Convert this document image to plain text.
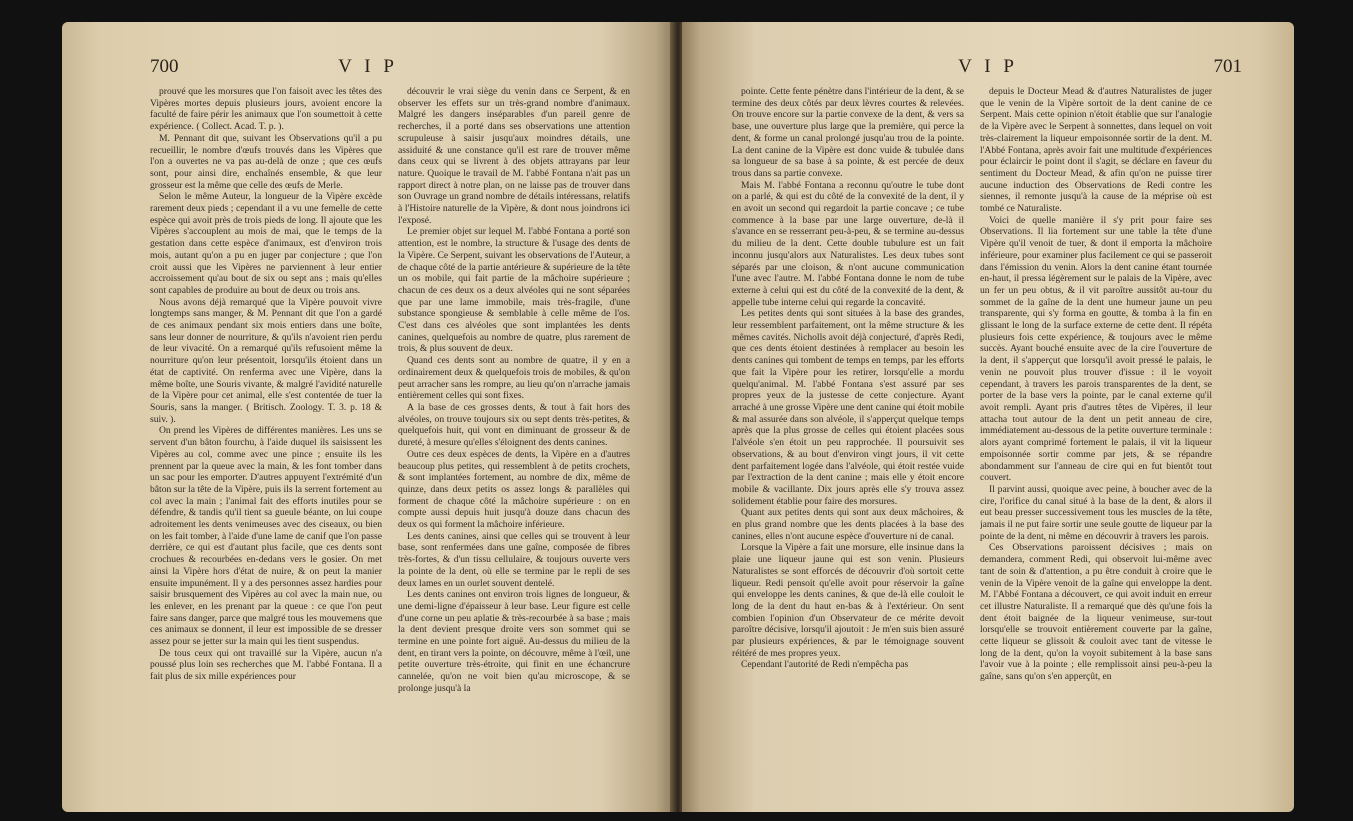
700	V I P

prouvé que les morsures que l'on faisoit avec les têtes des Vipères mortes depuis plusieurs jours, avoient encore la faculté de faire périr les animaux que l'on soumettoit à cette expérience. ( Collect. Acad. T. p. ).

M. Pennant dit que, suivant les Observations qu'il a pu recueillir, le nombre d'œufs trouvés dans les Vipères que l'on a ouvertes ne va pas au-delà de onze ; que ces œufs sont, pour ainsi dire, enchaînés ensemble, & que leur grosseur est la même que celle des œufs de Merle.

Selon le même Auteur, la longueur de la Vipère excède rarement deux pieds ; cependant il a vu une femelle de cette espèce qui avoit près de trois pieds de long. Il ajoute que les Vipères s'accouplent au mois de mai, que le temps de la gestation dans cette espèce d'animaux, est d'environ trois mois, autant qu'on a pu en juger par conjecture ; que l'on croit aussi que les Vipères ne parviennent à leur entier accroissement qu'au bout de six ou sept ans ; mais qu'elles sont capables de produire au bout de deux ou trois ans.

Nous avons déjà remarqué que la Vipère pouvoit vivre longtemps sans manger, & M. Pennant dit que l'on a gardé de ces animaux pendant six mois entiers dans une boîte, sans leur donner de nourriture, & qu'ils n'avoient rien perdu de leur vivacité. On a remarqué qu'ils refusoient même la nourriture qu'on leur présentoit, lorsqu'ils étoient dans un état de captivité. On renferma avec une Vipère, dans la même boîte, une Souris vivante, & malgré l'avidité naturelle de la Vipère pour cet animal, elle s'est contentée de tuer la Souris, sans la manger. ( Britisch. Zoology. T. 3. p. 18 & suiv. ).

On prend les Vipères de différentes manières. Les uns se servent d'un bâton fourchu, à l'aide duquel ils saisissent les Vipères au col, comme avec une pince ; ensuite ils les prennent par la queue avec la main, & les font tomber dans un sac pour les emporter. D'autres appuyent l'extrémité d'un bâton sur la tête de la Vipère, puis ils la serrent fortement au col avec la main ; l'animal fait des efforts inutiles pour se défendre, & tandis qu'il tient sa gueule béante, on lui coupe adroitement les dents venimeuses avec des ciseaux, ou bien on les fait tomber, à l'aide d'une lame de canif que l'on passe derrière, ce qui est d'autant plus facile, que ces dents sont crochues & recourbées en-dedans vers le gosier. On met ainsi la Vipère hors d'état de nuire, & on peut la manier ensuite impunément. Il y a des personnes assez hardies pour saisir brusquement des Vipères au col avec la main nue, ou les enlever, en les prenant par la queue : ce que l'on peut faire sans danger, parce que malgré tous les mouvemens que ces animaux se donnent, il leur est impossible de se dresser assez pour se jetter sur la main qui les tient suspendus.

De tous ceux qui ont travaillé sur la Vipère, aucun n'a poussé plus loin ses recherches que M. l'abbé Fontana. Il a fait plus de six mille expériences pour

découvrir le vrai siège du venin dans ce Serpent, & en observer les effets sur un très-grand nombre d'animaux. Malgré les dangers inséparables d'un pareil genre de recherches, il a porté dans ses observations une attention scrupuleuse à saisir jusqu'aux moindres détails, une assiduité & une constance qu'il est rare de trouver même dans ceux qui se livrent à des objets attrayans par leur nature. Quoique le travail de M. l'abbé Fontana n'ait pas un rapport direct à notre plan, on ne laisse pas de trouver dans son Ouvrage un grand nombre de détails intéressans, relatifs à l'Histoire naturelle de la Vipère, & dont nous joindrons ici l'exposé.

Le premier objet sur lequel M. l'abbé Fontana a porté son attention, est le nombre, la structure & l'usage des dents de la Vipère. Ce Serpent, suivant les observations de l'Auteur, a de chaque côté de la partie antérieure & supérieure de la tête un os mobile, qui fait partie de la mâchoire supérieure ; chacun de ces deux os a deux alvéoles qui ne sont séparées que par une lame immobile, mais très-fragile, d'une substance spongieuse & semblable à celle même de l'os. C'est dans ces alvéoles que sont implantées les dents canines, quelquefois au nombre de quatre, plus rarement de trois, & plus souvent de deux.

Quand ces dents sont au nombre de quatre, il y en a ordinairement deux & quelquefois trois de mobiles, & qu'on peut arracher sans les rompre, au lieu qu'on n'arrache jamais entièrement celles qui sont fixes.

A la base de ces grosses dents, & tout à fait hors des alvéoles, on trouve toujours six ou sept dents très-petites, & quelquefois huit, qui vont en diminuant de grosseur & de dureté, à mesure qu'elles s'éloignent des dents canines.

Outre ces deux espèces de dents, la Vipère en a d'autres beaucoup plus petites, qui ressemblent à de petits crochets, & sont implantées fortement, au nombre de dix, même de quinze, dans deux petits os assez longs & parallèles qui forment de chaque côté la mâchoire supérieure : on en compte aussi depuis huit jusqu'à douze dans chacun des deux os qui forment la mâchoire inférieure.

Les dents canines, ainsi que celles qui se trouvent à leur base, sont renfermées dans une gaîne, composée de fibres très-fortes, & d'un tissu cellulaire, & toujours ouverte vers la pointe de la dent, où elle se termine par le repli de ses deux lames en un ourlet souvent dentelé.

Les dents canines ont environ trois lignes de longueur, & une demi-ligne d'épaisseur à leur base. Leur figure est celle d'une corne un peu aplatie & très-recourbée à sa base ; mais la dent devient presque droite vers son sommet qui se termine en une pointe fort aiguë. Au-dessus du milieu de la dent, en tirant vers la pointe, on découvre, même à l'œil, une petite ouverture très-étroite, qui finit en une échancrure cannelée, qu'on ne voit bien qu'au microscope, & se prolonge jusqu'à la

701
V I P

pointe. Cette fente pénètre dans l'intérieur de la dent, & se termine des deux côtés par deux lèvres courtes & relevées. On trouve encore sur la partie convexe de la dent, & vers sa base, une ouverture plus large que la première, qui perce la dent, & forme un canal prolongé jusqu'au trou de la pointe. La dent canine de la Vipère est donc vuide & tubulée dans sa longueur de sa base à sa pointe, & est percée de deux trous dans sa partie convexe.

Mais M. l'abbé Fontana a reconnu qu'outre le tube dont on a parlé, & qui est du côté de la convexité de la dent, il y en avoit un second qui regardoit la partie concave ; ce tube commence à la base par une large ouverture, de-là il s'avance en se resserrant peu-à-peu, & se termine au-dessus du milieu de la dent. Cette double tubulure est un fait inconnu jusqu'alors aux Naturalistes. Les deux tubes sont séparés par une cloison, & n'ont aucune communication l'une avec l'autre. M. l'abbé Fontana donne le nom de tube externe à celui qui est du côté de la convexité de la dent, & appelle tube interne celui qui regarde la concavité.

Les petites dents qui sont situées à la base des grandes, leur ressemblent parfaitement, ont la même structure & les mêmes cavités. Nicholls avoit déjà conjecturé, d'après Redi, que ces dents étoient destinées à remplacer au besoin les dents canines qui tombent de temps en temps, par les efforts que fait la Vipère pour les retirer, lorsqu'elle a mordu quelqu'animal. M. l'abbé Fontana s'est assuré par ses propres yeux de la justesse de cette conjecture. Ayant arraché à une grosse Vipère une dent canine qui étoit mobile & mal assurée dans son alvéole, il s'apperçut quelque temps après que la plus grosse de celles qui étoient placées sous l'alvéole s'en étoit un peu rapprochée. Il poursuivit ses observations, & au bout d'environ vingt jours, il vit cette dent parfaitement logée dans l'alvéole, qui étoit restée vuide par l'extraction de la dent canine ; mais elle y étoit encore mobile & vacillante. Dix jours après elle s'y trouva assez solidement établie pour faire des morsures.

Quant aux petites dents qui sont aux deux mâchoires, & en plus grand nombre que les dents placées à la base des canines, elles n'ont aucune espèce d'ouverture ni de canal.

Lorsque la Vipère a fait une morsure, elle insinue dans la plaie une liqueur jaune qui est son venin. Plusieurs Naturalistes se sont efforcés de découvrir d'où sortoit cette liqueur. Redi pensoit qu'elle avoit pour réservoir la gaîne qui enveloppe les dents canines, & que de-là elle couloit le long de la dent du haut en-bas & à l'extérieur. On sent combien l'opinion d'un Observateur de ce mérite devoit paroître décisive, lorsqu'il ajoutoit : Je m'en suis bien assuré par plusieurs expériences, & par le témoignage souvent réitéré de mes propres yeux.

Cependant l'autorité de Redi n'empêcha pas

depuis le Docteur Mead & d'autres Naturalistes de juger que le venin de la Vipère sortoit de la dent canine de ce Serpent. Mais cette opinion n'étoit établie que sur l'analogie de la Vipère avec le Serpent à sonnettes, dans lequel on voit très-clairement la liqueur empoisonnée sortir de la dent. M. l'Abbé Fontana, après avoir fait une multitude d'expériences pour éclaircir le point dont il s'agit, se déclare en faveur du sentiment du Docteur Mead, & afin qu'on ne puisse tirer aucune induction des Observations de Redi contre les siennes, il remonte jusqu'à la cause de la méprise où est tombé ce Naturaliste.

Voici de quelle manière il s'y prit pour faire ses Observations. Il lia fortement sur une table la tête d'une Vipère qu'il venoit de tuer, & dont il emporta la mâchoire inférieure, pour examiner plus facilement ce qui se passeroit dans l'émission du venin. Alors la dent canine étant tournée en-haut, il pressa légèrement sur le palais de la Vipère, avec un fer un peu obtus, & il vit paroître aussitôt au-tour du sommet de la gaîne de la dent une humeur jaune un peu transparente, qui s'y forma en goutte, & tomba à la fin en glissant le long de la surface externe de cette dent. Il répéta plusieurs fois cette expérience, & toujours avec le même succès. Ayant bouché ensuite avec de la cire l'ouverture de la dent, il s'apperçut que lorsqu'il avoit pressé le palais, le venin ne pouvoit plus trouver d'issue : il le voyoit cependant, à travers les parois transparentes de la dent, se porter de la base vers la pointe, par le canal externe qu'il avoit rempli. Ayant pris d'autres têtes de Vipères, il leur attacha tout autour de la dent un petit anneau de cire, immédiatement au-dessous de la petite ouverture terminale : alors ayant comprimé fortement le palais, il vit la liqueur empoisonnée sortir comme par jets, & se répandre abondamment sur l'anneau de cire qui en fut bientôt tout couvert.

Il parvint aussi, quoique avec peine, à boucher avec de la cire, l'orifice du canal situé à la base de la dent, & alors il eut beau presser successivement tous les muscles de la tête, jamais il ne put faire sortir une seule goutte de liqueur par la pointe de la dent, ni même en découvrir à travers les parois.

Ces Observations paroissent décisives ; mais on demandera, comment Redi, qui observoit lui-même avec tant de soin & d'attention, a pu être conduit à croire que le venin de la Vipère venoit de la gaîne qui enveloppe la dent. M. l'Abbé Fontana a découvert, ce qui avoit induit en erreur cet illustre Naturaliste. Il a remarqué que dès qu'une fois la dent étoit baignée de la liqueur venimeuse, sur-tout lorsqu'elle se trouvoit entièrement couverte par la gaîne, cette liqueur se glissoit & couloit avec tant de vitesse le long de la dent, qu'on la voyoit subitement à la base sans l'avoir vue à la pointe ; elle remplissoit ainsi peu-à-peu la gaîne, sans qu'on s'en apperçût, en
